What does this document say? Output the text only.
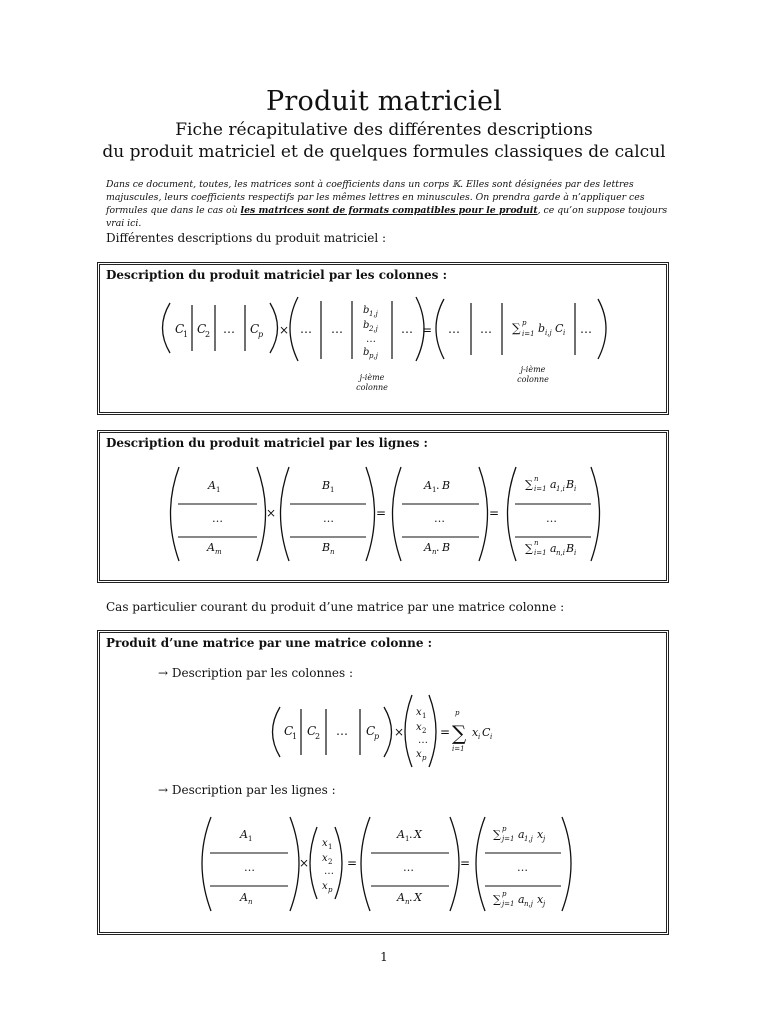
Produit matriciel
Fiche récapitulative des différentes descriptions
du produit matriciel et de quelques formules classiques de calcul
Dans ce document, toutes, les matrices sont à coefficients dans un corps 𝕂. Elles sont désignées par des lettres majuscules, leurs coefficients respectifs par les mêmes lettres en minuscules. On prendra garde à n’appliquer ces formules que dans le cas où les matrices sont de formats compatibles pour le produit, ce qu’on suppose toujours vrai ici.
Différentes descriptions du produit matriciel :
Description du produit matriciel par les colonnes :
C
1 C
2 … C
p × … …
b 1,j
b 2,j
…
b p,j
… = … … ∑ p
i=1 b i,j C i …
j-ième
colonne
j-ième
colonne
Description du produit matriciel par les lignes :
A 1
…
A m
×
B 1
…
B n
=
A 1 . B
…
A n . B
=
∑ n
i=1 a 1,i B i
…
∑ n
i=1 a n,i B i
Cas particulier courant du produit d’une matrice par une matrice colonne :
Produit d’une matrice par une matrice colonne :
→ Description par les colonnes :
→ Description par les lignes :
C
1 C
2 … C
p ×
x 1
x 2
…
x p
=
p
∑
i=1
x i C i
A 1
…
A n
×
x 1
x 2
…
x p
=
A 1 . X
…
A n . X
=
∑ p
j=1 a 1,j x j
…
∑ p
j=1 a n,j x j
1
